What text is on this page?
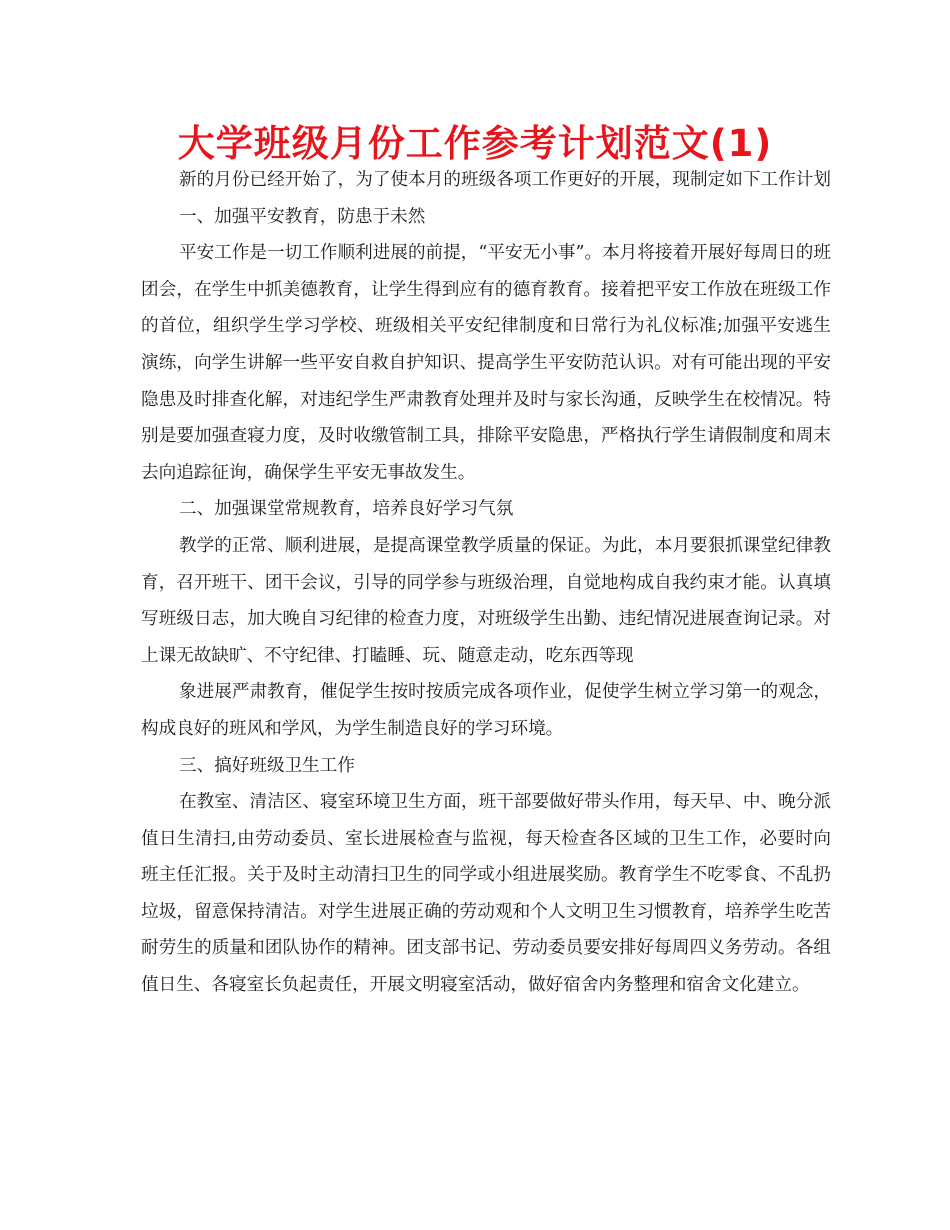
大学班级月份工作参考计划范文(1)

新的月份已经开始了，为了使本月的班级各项工作更好的开展，现制定如下工作计划一、加强平安教育，防患于未然

平安工作是一切工作顺利进展的前提，“平安无小事”。本月将接着开展好每周日的班团会，在学生中抓美德教育，让学生得到应有的德育教育。接着把平安工作放在班级工作的首位，组织学生学习学校、班级相关平安纪律制度和日常行为礼仪标准;加强平安逃生演练，向学生讲解一些平安自救自护知识、提高学生平安防范认识。对有可能出现的平安隐患及时排查化解，对违纪学生严肃教育处理并及时与家长沟通，反映学生在校情况。特别是要加强查寝力度，及时收缴管制工具，排除平安隐患，严格执行学生请假制度和周末去向追踪征询，确保学生平安无事故发生。

二、加强课堂常规教育，培养良好学习气氛

教学的正常、顺利进展，是提高课堂教学质量的保证。为此，本月要狠抓课堂纪律教育，召开班干、团干会议，引导的同学参与班级治理，自觉地构成自我约束才能。认真填写班级日志，加大晚自习纪律的检查力度，对班级学生出勤、违纪情况进展查询记录。对上课无故缺旷、不守纪律、打瞌睡、玩、随意走动，吃东西等现

象进展严肃教育，催促学生按时按质完成各项作业，促使学生树立学习第一的观念，构成良好的班风和学风，为学生制造良好的学习环境。

三、搞好班级卫生工作

在教室、清洁区、寝室环境卫生方面，班干部要做好带头作用，每天早、中、晚分派值日生清扫,由劳动委员、室长进展检查与监视，每天检查各区域的卫生工作，必要时向班主任汇报。关于及时主动清扫卫生的同学或小组进展奖励。教育学生不吃零食、不乱扔垃圾，留意保持清洁。对学生进展正确的劳动观和个人文明卫生习惯教育，培养学生吃苦耐劳生的质量和团队协作的精神。团支部书记、劳动委员要安排好每周四义务劳动。各组值日生、各寝室长负起责任，开展文明寝室活动，做好宿舍内务整理和宿舍文化建立。
